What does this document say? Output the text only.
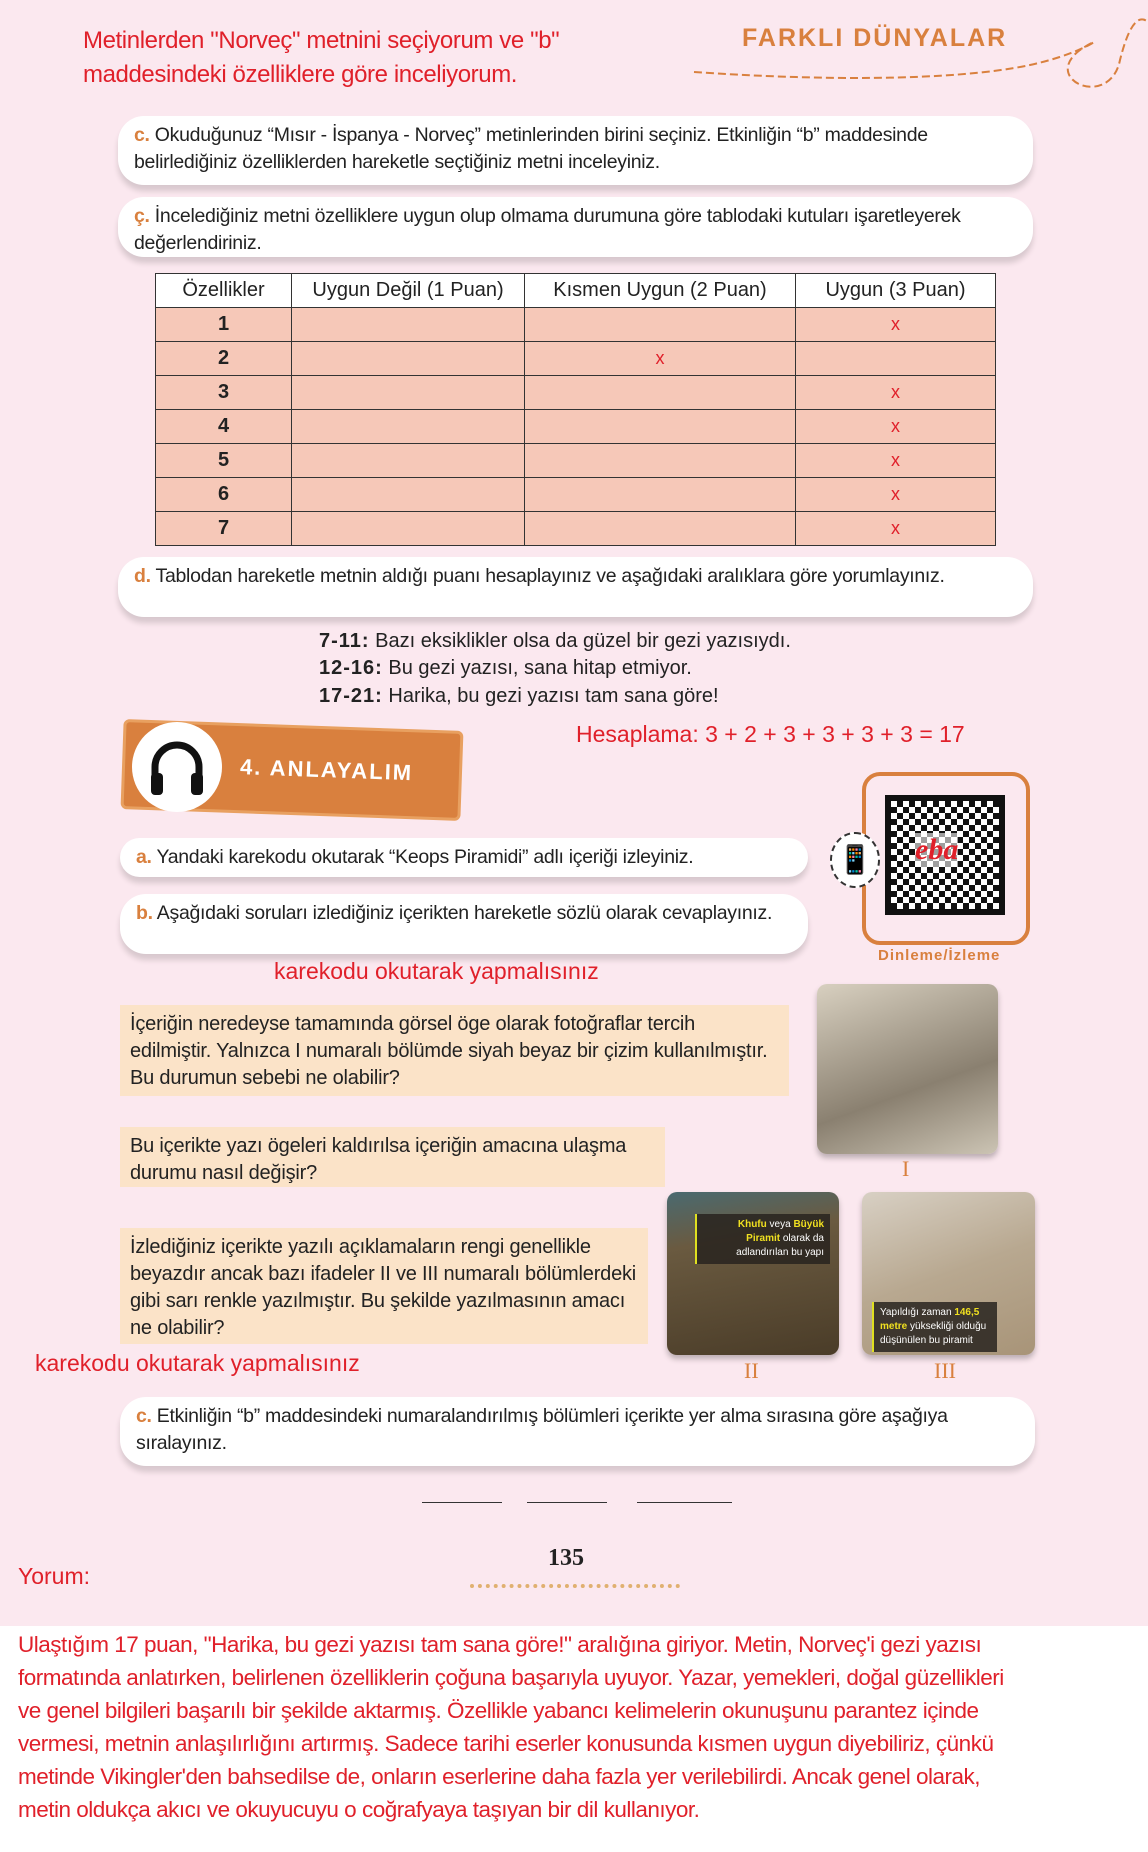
Metinlerden "Norveç" metnini seçiyorum ve "b"
maddesindeki özelliklere göre inceliyorum.
FARKLI DÜNYALAR
c. Okuduğunuz “Mısır - İspanya - Norveç” metinlerinden birini seçiniz. Etkinliğin “b” maddesinde belirlediğiniz özelliklerden hareketle seçtiğiniz metni inceleyiniz.
ç. İncelediğiniz metni özelliklere uygun olup olmama durumuna göre tablodaki kutuları işaretleyerek değerlendiriniz.
Özellikler	Uygun Değil (1 Puan)	Kısmen Uygun (2 Puan)	Uygun (3 Puan)
1			x
2		x	
3			x
4			x
5			x
6			x
7			x
d. Tablodan hareketle metnin aldığı puanı hesaplayınız ve aşağıdaki aralıklara göre yorumlayınız.
7-11: Bazı eksiklikler olsa da güzel bir gezi yazısıydı.
12-16: Bu gezi yazısı, sana hitap etmiyor.
17-21: Harika, bu gezi yazısı tam sana göre!
Hesaplama: 3 + 2 + 3 + 3 + 3 + 3 = 17
4. ANLAYALIM
eba
📱
Dinleme/İzleme
a. Yandaki karekodu okutarak “Keops Piramidi” adlı içeriği izleyiniz.
b. Aşağıdaki soruları izlediğiniz içerikten hareketle sözlü olarak cevaplayınız.
karekodu okutarak yapmalısınız
İçeriğin neredeyse tamamında görsel öge olarak fotoğraflar tercih edilmiştir. Yalnızca I numaralı bölümde siyah beyaz bir çizim kullanılmıştır. Bu durumun sebebi ne olabilir?
Bu içerikte yazı ögeleri kaldırılsa içeriğin amacına ulaşma durumu nasıl değişir?
İzlediğiniz içerikte yazılı açıklamaların rengi genellikle beyazdır ancak bazı ifadeler II ve III numaralı bölümlerdeki gibi sarı renkle yazılmıştır. Bu şekilde yazılmasının amacı ne olabilir?
I
Khufu veya Büyük Piramit olarak da adlandırılan bu yapı
II
Yapıldığı zaman 146,5 metre yüksekliği olduğu düşünülen bu piramit
III
karekodu okutarak yapmalısınız
c. Etkinliğin “b” maddesindeki numaralandırılmış bölümleri içerikte yer alma sırasına göre aşağıya sıralayınız.
135
Yorum:
Ulaştığım 17 puan, "Harika, bu gezi yazısı tam sana göre!" aralığına giriyor. Metin, Norveç'i gezi yazısı
formatında anlatırken, belirlenen özelliklerin çoğuna başarıyla uyuyor. Yazar, yemekleri, doğal güzellikleri
ve genel bilgileri başarılı bir şekilde aktarmış. Özellikle yabancı kelimelerin okunuşunu parantez içinde
vermesi, metnin anlaşılırlığını artırmış. Sadece tarihi eserler konusunda kısmen uygun diyebiliriz, çünkü
metinde Vikingler'den bahsedilse de, onların eserlerine daha fazla yer verilebilirdi. Ancak genel olarak,
metin oldukça akıcı ve okuyucuyu o coğrafyaya taşıyan bir dil kullanıyor.
